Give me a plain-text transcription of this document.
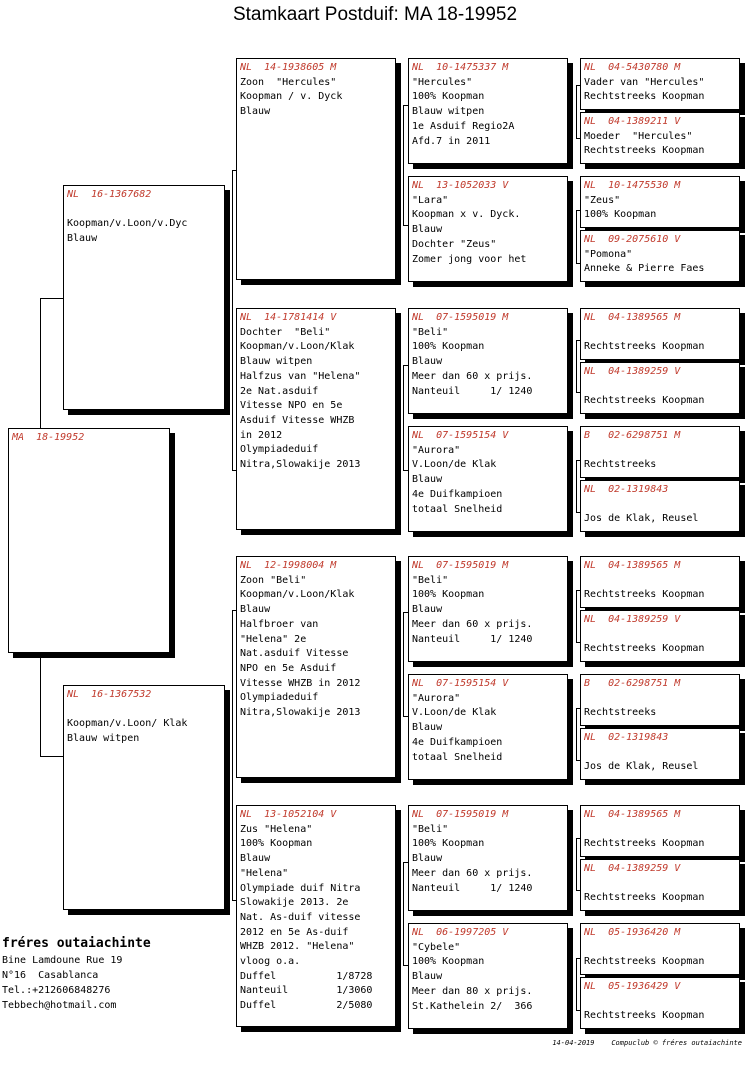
Stamkaart Postduif: MA 18-19952
MA  18-19952
NL  16-1367682

Koopman/v.Loon/v.Dyc
Blauw
NL  16-1367532

Koopman/v.Loon/ Klak
Blauw witpen
NL  14-1938605 M
Zoon  "Hercules"
Koopman / v. Dyck
Blauw
NL  14-1781414 V
Dochter  "Beli"
Koopman/v.Loon/Klak
Blauw witpen
Halfzus van "Helena"
2e Nat.asduif
Vitesse NPO en 5e
Asduif Vitesse WHZB
in 2012
Olympiadeduif
Nitra,Slowakije 2013
NL  12-1998004 M
Zoon "Beli"
Koopman/v.Loon/Klak
Blauw
Halfbroer van
"Helena" 2e
Nat.asduif Vitesse
NPO en 5e Asduif
Vitesse WHZB in 2012
Olympiadeduif
Nitra,Slowakije 2013
NL  13-1052104 V
Zus "Helena"
100% Koopman
Blauw
"Helena"
Olympiade duif Nitra
Slowakije 2013. 2e
Nat. As-duif vitesse
2012 en 5e As-duif
WHZB 2012. "Helena"
vloog o.a.
Duffel          1/8728
Nanteuil        1/3060
Duffel          2/5080
NL  10-1475337 M
"Hercules"
100% Koopman
Blauw witpen
1e Asduif Regio2A
Afd.7 in 2011
NL  13-1052033 V
"Lara"
Koopman x v. Dyck.
Blauw
Dochter "Zeus"
Zomer jong voor het
NL  07-1595019 M
"Beli"
100% Koopman
Blauw
Meer dan 60 x prijs.
Nanteuil     1/ 1240
NL  07-1595154 V
"Aurora"
V.Loon/de Klak
Blauw
4e Duifkampioen
totaal Snelheid
NL  07-1595019 M
"Beli"
100% Koopman
Blauw
Meer dan 60 x prijs.
Nanteuil     1/ 1240
NL  07-1595154 V
"Aurora"
V.Loon/de Klak
Blauw
4e Duifkampioen
totaal Snelheid
NL  07-1595019 M
"Beli"
100% Koopman
Blauw
Meer dan 60 x prijs.
Nanteuil     1/ 1240
NL  06-1997205 V
"Cybele"
100% Koopman
Blauw
Meer dan 80 x prijs.
St.Kathelein 2/  366
NL  04-5430780 M
Vader van "Hercules"
Rechtstreeks Koopman
NL  04-1389211 V
Moeder  "Hercules"
Rechtstreeks Koopman
NL  10-1475530 M
"Zeus"
100% Koopman
NL  09-2075610 V
"Pomona"
Anneke & Pierre Faes
NL  04-1389565 M

Rechtstreeks Koopman
NL  04-1389259 V

Rechtstreeks Koopman
B   02-6298751 M

Rechtstreeks
NL  02-1319843

Jos de Klak, Reusel
NL  04-1389565 M

Rechtstreeks Koopman
NL  04-1389259 V

Rechtstreeks Koopman
B   02-6298751 M

Rechtstreeks
NL  02-1319843

Jos de Klak, Reusel
NL  04-1389565 M

Rechtstreeks Koopman
NL  04-1389259 V

Rechtstreeks Koopman
NL  05-1936420 M

Rechtstreeks Koopman
NL  05-1936429 V

Rechtstreeks Koopman
fréres outaiachinte
Bine Lamdoune Rue 19
N°16  Casablanca
Tel.:+212606848276
Tebbech@hotmail.com
14-04-2019    Compuclub © fréres outaiachinte
